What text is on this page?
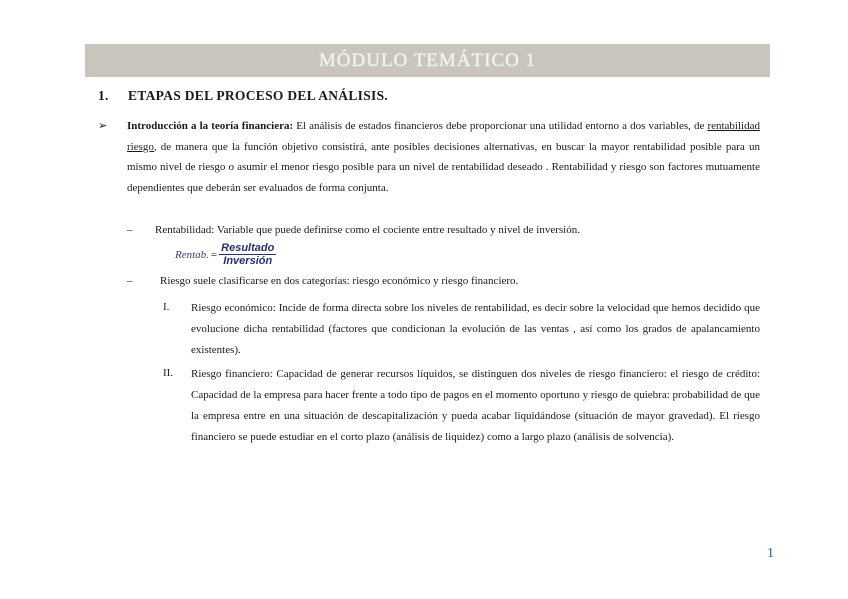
MÓDULO TEMÁTICO 1
1. ETAPAS DEL PROCESO DEL ANÁLISIS.
➢ Introducción a la teoría financiera: El análisis de estados financieros debe proporcionar una utilidad entorno a dos variables, de rentabilidad riesgo, de manera que la función objetivo consistirá, ante posibles decisiones alternativas, en buscar la mayor rentabilidad posible para un mismo nivel de riesgo o asumir el menor riesgo posible para un nivel de rentabilidad deseado . Rentabilidad y riesgo son factores mutuamente dependientes que deberán ser evaluados de forma conjunta.
– Rentabilidad: Variable que puede definirse como el cociente entre resultado y nivel de inversión.
Rentab. = $\frac{\text{Resultado}}{\text{Inversión}}$
–	Riesgo suele clasificarse en dos categorías: riesgo económico y riesgo financiero.
I. Riesgo económico: Incide de forma directa sobre los niveles de rentabilidad, es decir sobre la velocidad que hemos decidido que evolucione dicha rentabilidad (factores que condicionan la evolución de las ventas , así como los grados de apalancamiento existentes).
II. Riesgo financiero: Capacidad de generar recursos líquidos, se distinguen dos niveles de riesgo financiero: el riesgo de crédito: Capacidad de la empresa para hacer frente a todo tipo de pagos en el momento oportuno y riesgo de quiebra: probabilidad de que la empresa entre en una situación de descapitalización y pueda acabar liquidándose (situación de mayor gravedad). El riesgo financiero se puede estudiar en el corto plazo (análisis de liquidez) como a largo plazo (análisis de solvencia).
1
